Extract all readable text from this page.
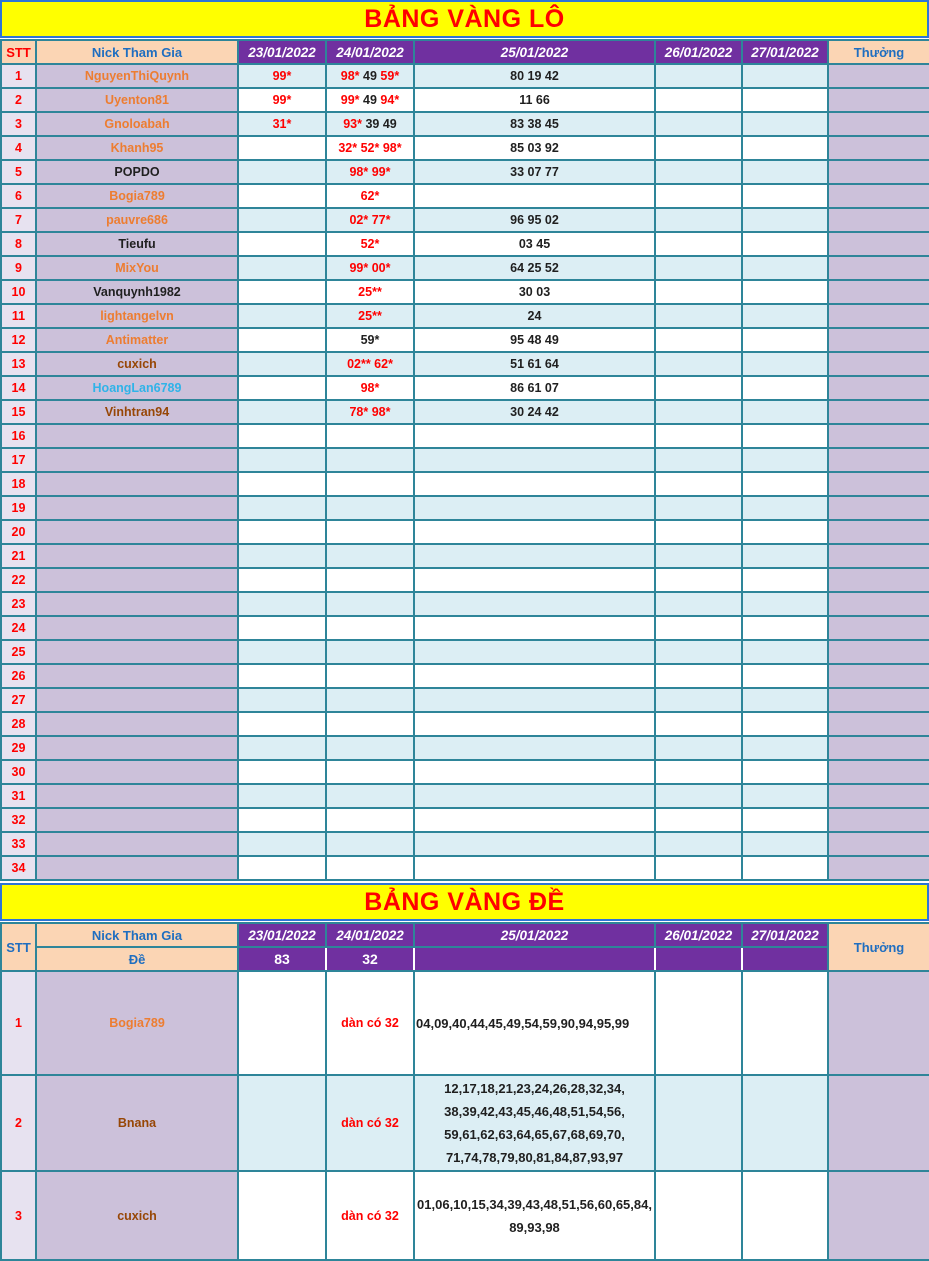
BẢNG VÀNG LÔ
STT	Nick Tham Gia	23/01/2022	24/01/2022	25/01/2022	26/01/2022	27/01/2022	Thưởng
1	NguyenThiQuynh	99*	98* 49 59*	80 19 42			
2	Uyenton81	99*	99* 49 94*	11 66			
3	Gnoloabah	31*	93* 39 49	83 38 45			
4	Khanh95		32* 52* 98*	85 03 92			
5	POPDO		98* 99*	33 07 77			
6	Bogia789		62*				
7	pauvre686		02* 77*	96 95 02			
8	Tieufu		52*	03 45			
9	MixYou		99* 00*	64 25 52			
10	Vanquynh1982		25**	30 03			
11	lightangelvn		25**	24			
12	Antimatter		59*	95 48 49			
13	cuxich		02** 62*	51 61 64			
14	HoangLan6789		98*	86 61 07			
15	Vinhtran94		78* 98*	30 24 42			
16							
17							
18							
19							
20							
21							
22							
23							
24							
25							
26							
27							
28							
29							
30							
31							
32							
33							
34							
BẢNG VÀNG ĐỀ
STT	Nick Tham Gia	23/01/2022	24/01/2022	25/01/2022	26/01/2022	27/01/2022	Thưởng
	Đề	83	32				
1	Bogia789		dàn có 32	04,09,40,44,45,49,54,59,90,94,95,99			

2	Bnana		dàn có 32	12,17,18,21,23,24,26,28,32,34,
38,39,42,43,45,46,48,51,54,56,
59,61,62,63,64,65,67,68,69,70,
71,74,78,79,80,81,84,87,93,97			

3	cuxich		dàn có 32	01,06,10,15,34,39,43,48,51,56,60,65,84,
89,93,98			
